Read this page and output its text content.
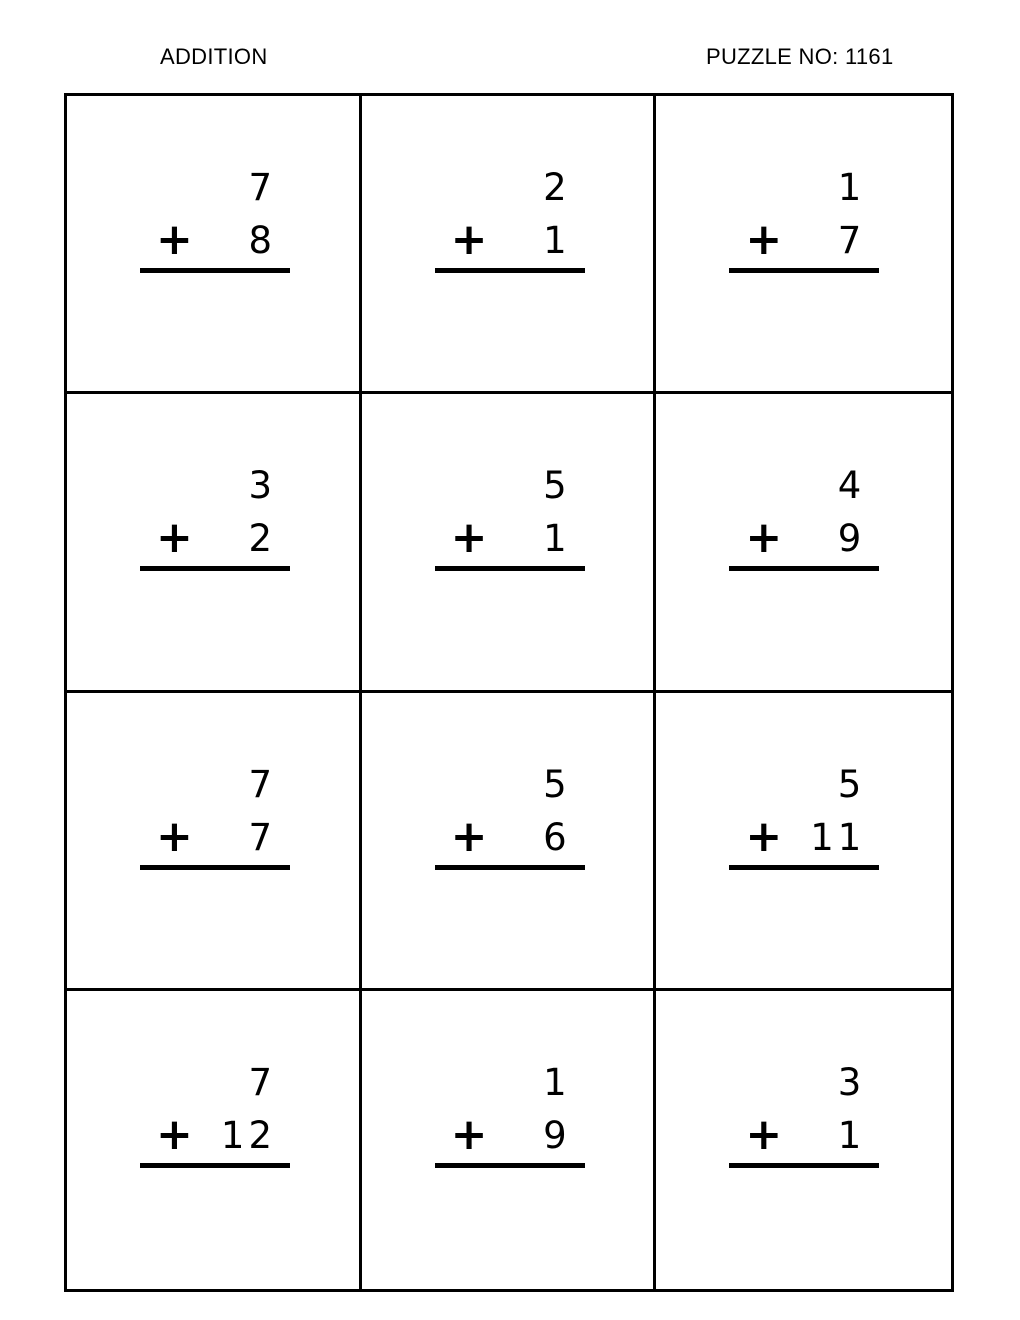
ADDITION	PUZZLE NO: 1161
7
+ 8
2
+ 1
1
+ 7
3
+ 2
5
+ 1
4
+ 9
7
+ 7
5
+ 6
5
+ 11
7
+ 12
1
+ 9
3
+ 1
